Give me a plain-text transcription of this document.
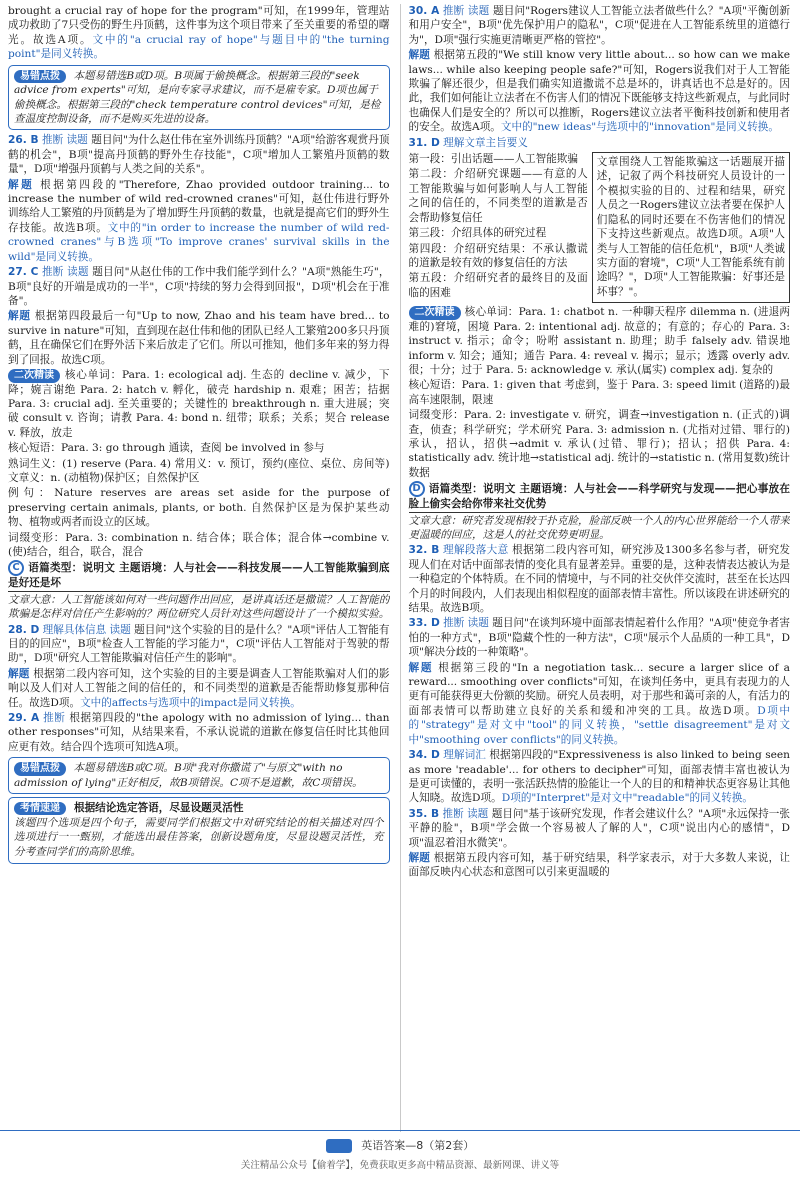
brought a crucial ray of hope for the program"可知，在1999年，管理站成功救助了7只受伤的野生丹顶鹤，这件事为这个项目带来了至关重要的希望的曙光。故选A项。文中的"a crucial ray of hope"与题目中的"the turning point"是同义转换。

易错点拨 本题易错选B或D项。B项属于偷换概念。根据第三段的"seek advice from experts"可知，是向专家寻求建议，而不是雇专家。D项也属于偷换概念。根据第三段的"check temperature control devices"可知，是检查温度控制设备，而不是购买先进的设备。

26. B 推断 读题 题目问"为什么赵仕伟在室外训练丹顶鹤？"A项"给游客观赏丹顶鹤的机会"，B项"提高丹顶鹤的野外生存技能"，C项"增加人工繁殖丹顶鹤的数量"，D项"增强丹顶鹤与人类之间的关系"。

解题 根据第四段的"Therefore, Zhao provided outdoor training... to increase the number of wild red-crowned cranes"可知，赵仕伟进行野外训练给人工繁殖的丹顶鹤是为了增加野生丹顶鹤的数量，也就是提高它们的野外生存技能。故选B项。文中的"in order to increase the number of wild red-crowned cranes"与B选项"To improve cranes' survival skills in the wild"是同义转换。

27. C 推断 读题 题目问"从赵仕伟的工作中我们能学到什么？"A项"熟能生巧"，B项"良好的开端是成功的一半"，C项"持续的努力会得到回报"，D项"机会在于准备"。

解题 根据第四段最后一句"Up to now, Zhao and his team have bred... to survive in nature"可知，直到现在赵仕伟和他的团队已经人工繁殖200多只丹顶鹤，且在确保它们在野外活下来后放走了它们。所以可推知，他们多年来的努力得到了回报。故选C项。

二次精读 核心单词：Para. 1: ecological adj. 生态的 decline v. 减少，下降；婉言谢绝 Para. 2: hatch v. 孵化，破壳 hardship n. 艰难；困苦；拮据 Para. 3: crucial adj. 至关重要的；关键性的 breakthrough n. 重大进展；突破 consult v. 咨询；请教 Para. 4: bond n. 纽带；联系；关系；契合 release v. 释放，放走

核心短语：Para. 3: go through 通读，查阅 be involved in 参与

熟词生义：(1) reserve (Para. 4) 常用义：v. 预订，预约(座位、桌位、房间等) 文章义：n. (动植物)保护区；自然保护区

例句：Nature reserves are areas set aside for the purpose of preserving certain animals, plants, or both. 自然保护区是为保护某些动物、植物或两者而设立的区域。

词缀变形：Para. 3: combination n. 结合体；联合体；混合体→combine v. (使)结合，组合，联合，混合

C 语篇类型：说明文 主题语境：人与社会——科技发展——人工智能欺骗到底是好还是坏

文章大意：人工智能该如何对一些问题作出回应，是讲真话还是撒谎？人工智能的欺骗是怎样对信任产生影响的？两位研究人员针对这些问题设计了一个模拟实验。

28. D 理解具体信息 读题 题目问"这个实验的目的是什么？"A项"评估人工智能有目的的回应"，B项"检查人工智能的学习能力"，C项"评估人工智能对于驾驶的帮助"，D项"研究人工智能欺骗对信任产生的影响"。

解题 根据第二段内容可知，这个实验的目的主要是调查人工智能欺骗对人们的影响以及人们对人工智能之间的信任的，和不同类型的道歉是否能帮助修复那种信任。故选D项。文中的affects与选项中的impact是同义转换。

29. A 推断 根据第四段的"the apology with no admission of lying... than other responses"可知，从结果来看，不承认说谎的道歉在修复信任时比其他回应更有效。结合四个选项可知选A项。

易错点拨 本题易错选B或C项。B项"我对你撒谎了"与原文"with no admission of lying"正好相反，故B项错误。C项不是道歉，故C项错误。
考情速递	根据结论选定答语，尽显设题灵活性

该题四个选项是四个句子，需要同学们根据文中对研究结论的相关描述对四个选项进行一一甄别，才能选出最佳答案，创新设题角度，尽显设题灵活性，充分考查同学们的高阶思维。

30. A 推断 读题 题目问"Rogers建议人工智能立法者做些什么？"A项"平衡创新和用户安全"，B项"优先保护用户的隐私"，C项"促进在人工智能系统里的道德行为"，D项"强行实施更清晰更严格的管控"。

解题 根据第五段的"We still know very little about... so how can we make laws... while also keeping people safe?"可知，Rogers说我们对于人工智能欺骗了解还很少，但是我们确实知道撒谎不总是坏的，讲真话也不总是好的。因此，我们如何能让立法者在不伤害人们的情况下既能够支持这些新观点，与此同时也确保人们是安全的？所以可以推断，Rogers建议立法者平衡科技创新和使用者的安全。故选A项。文中的"new ideas"与选项中的"innovation"是同义转换。

31. D 理解文章主旨要义

第一段：引出话题——人工智能欺骗

第二段：介绍研究课题——有意的人工智能欺骗与如何影响人与人工智能之间的信任的，不同类型的道歉是否会帮助修复信任

第三段：介绍具体的研究过程

第四段：介绍研究结果：不承认撒谎的道歉是较有效的修复信任的方法

第五段：介绍研究者的最终目的及面临的困难

文章围绕人工智能欺骗这一话题展开描述，记叙了两个科技研究人员设计的一个模拟实验的目的、过程和结果，研究人员之一Rogers建议立法者要在保护人们隐私的同时还要在不伤害他们的情况下支持这些新观点。故选D项。A项"人类与人工智能的信任危机"，B项"人类诚实方面的窘境"，C项"人工智能系统有前途吗？"，D项"人工智能欺骗：好事还是坏事？"。

二次精读 核心单词：Para. 1: chatbot n. 一种聊天程序 dilemma n. (进退两难的)窘境，困境 Para. 2: intentional adj. 故意的；有意的；存心的 Para. 3: instruct v. 指示；命令；吩咐 assistant n. 助理；助手 falsely adv. 错误地 inform v. 知会；通知；通告 Para. 4: reveal v. 揭示；显示；透露 overly adv. 很；十分；过于 Para. 5: acknowledge v. 承认(属实) complex adj. 复杂的

核心短语：Para. 1: given that 考虑到，鉴于 Para. 3: speed limit (道路的)最高车速限制，限速

词缀变形：Para. 2: investigate v. 研究，调查→investigation n. (正式的)调查，侦查；科学研究；学术研究 Para. 3: admission n. (尤指对过错、罪行的)承认，招认，招供→admit v. 承认(过错、罪行)；招认；招供 Para. 4: statistically adv. 统计地→statistical adj. 统计的→statistic n. (常用复数)统计数据

D 语篇类型：说明文 主题语境：人与社会——科学研究与发现——把心事放在脸上偷实会给你带来社交优势

文章大意：研究者发现相较于扑克脸，脸部反映一个人的内心世界能给一个人带来更温暖的回应，这是人的社交优势更明显。

32. B 理解段落大意 根据第二段内容可知，研究涉及1300多名参与者，研究发现人们在对话中面部表情的变化具有显著差异。重要的是，这种表情表达被认为是一种稳定的个体特质。在不同的情境中，与不同的社交伙伴交流时，甚至在长达四个月的时间段内，人们表现出相似程度的面部表情丰富性。所以该段在讲述研究的结果。故选B项。

33. D 推断 读题 题目问"在谈判环境中面部表情起着什么作用？"A项"使竞争者害怕的一种方式"，B项"隐藏个性的一种方法"，C项"展示个人品质的一种工具"，D项"解决分歧的一种策略"。

解题 根据第三段的"In a negotiation task... secure a larger slice of a reward... smoothing over conflicts"可知，在谈判任务中，更具有表现力的人更有可能获得更大份额的奖励。研究人员表明，对于那些和蔼可亲的人，有活力的面部表情可以帮助建立良好的关系和缓和冲突的工具。故选D项。D项中的"strategy"是对文中"tool"的同义转换，"settle disagreement"是对文中"smoothing over conflicts"的同义转换。

34. D 理解词汇 根据第四段的"Expressiveness is also linked to being seen as more 'readable'... for others to decipher"可知，面部表情丰富也被认为是更可读懂的，表明一张活跃热情的脸能让一个人的目的和精神状态更容易让其他人知晓。故选D项。D项的"Interpret"是对文中"readable"的同义转换。

35. B 推断 读题 题目问"基于该研究发现，作者会建议什么？"A项"永远保持一张平静的脸"，B项"学会做一个容易被人了解的人"，C项"说出内心的感情"，D项"温忍着泪水微笑"。

解题 根据第五段内容可知，基于研究结果，科学家表示，对于大多数人来说，让面部反映内心状态和意图可以引来更温暖的

英语答案—8（第2套）
关注精品公众号【偷着学】，免费获取更多高中精品资源、最新网课、讲义等
